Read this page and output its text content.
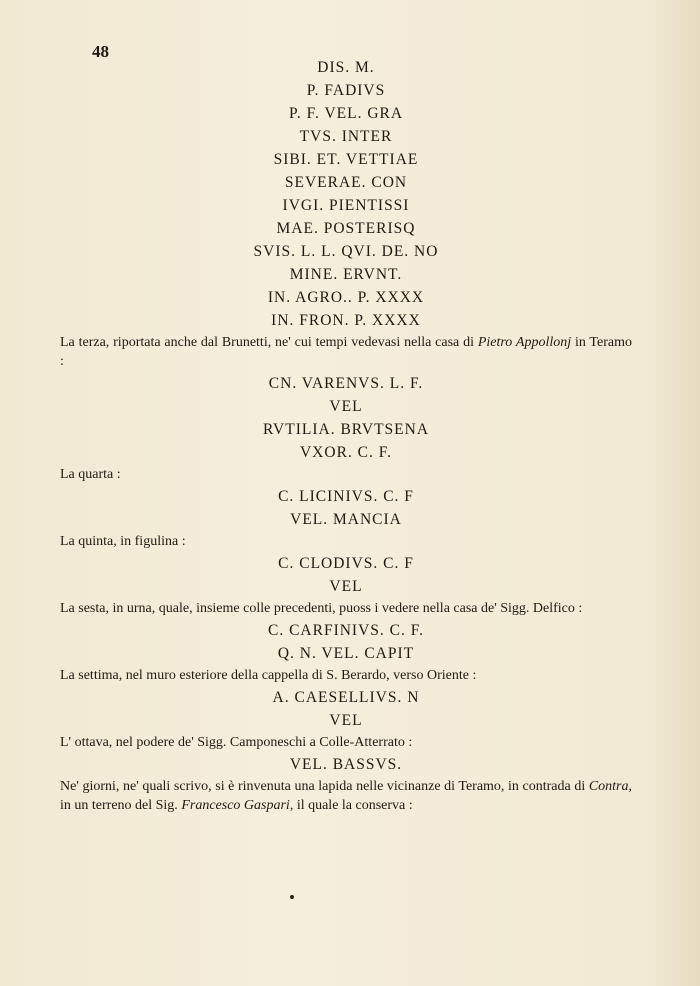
48
DIS. M.
P. FADIVS
P. F. VEL. GRA
TVS. INTER
SIBI. ET. VETTIAE
SEVERAE. CON
IVGI. PIENTISSI
MAE. POSTERISQ
SVIS. L. L. QVI. DE. NO
MINE. ERVNT.
IN. AGRO.. P. XXXX
IN. FRON. P. XXXX

La terza, riportata anche dal Brunetti, ne' cui tempi vedevasi nella casa di Pietro Appollonj in Teramo :

CN. VARENVS. L. F.
VEL
RVTILIA. BRVTSENA
VXOR. C. F.

La quarta :

C. LICINIVS. C. F
VEL. MANCIA

La quinta, in figulina :

C. CLODIVS. C. F
VEL

La sesta, in urna, quale, insieme colle precedenti, puoss i vedere nella casa de' Sigg. Delfico :

C. CARFINIVS. C. F.
Q. N. VEL. CAPIT

La settima, nel muro esteriore della cappella di S. Berardo, verso Oriente :

A. CAESELLIVS. N
VEL

L' ottava, nel podere de' Sigg. Camponeschi a Colle-Atterrato :

VEL. BASSVS.

Ne' giorni, ne' quali scrivo, si è rinvenuta una lapida nelle vicinanze di Teramo, in contrada di Contra, in un terreno del Sig. Francesco Gaspari, il quale la conserva :
